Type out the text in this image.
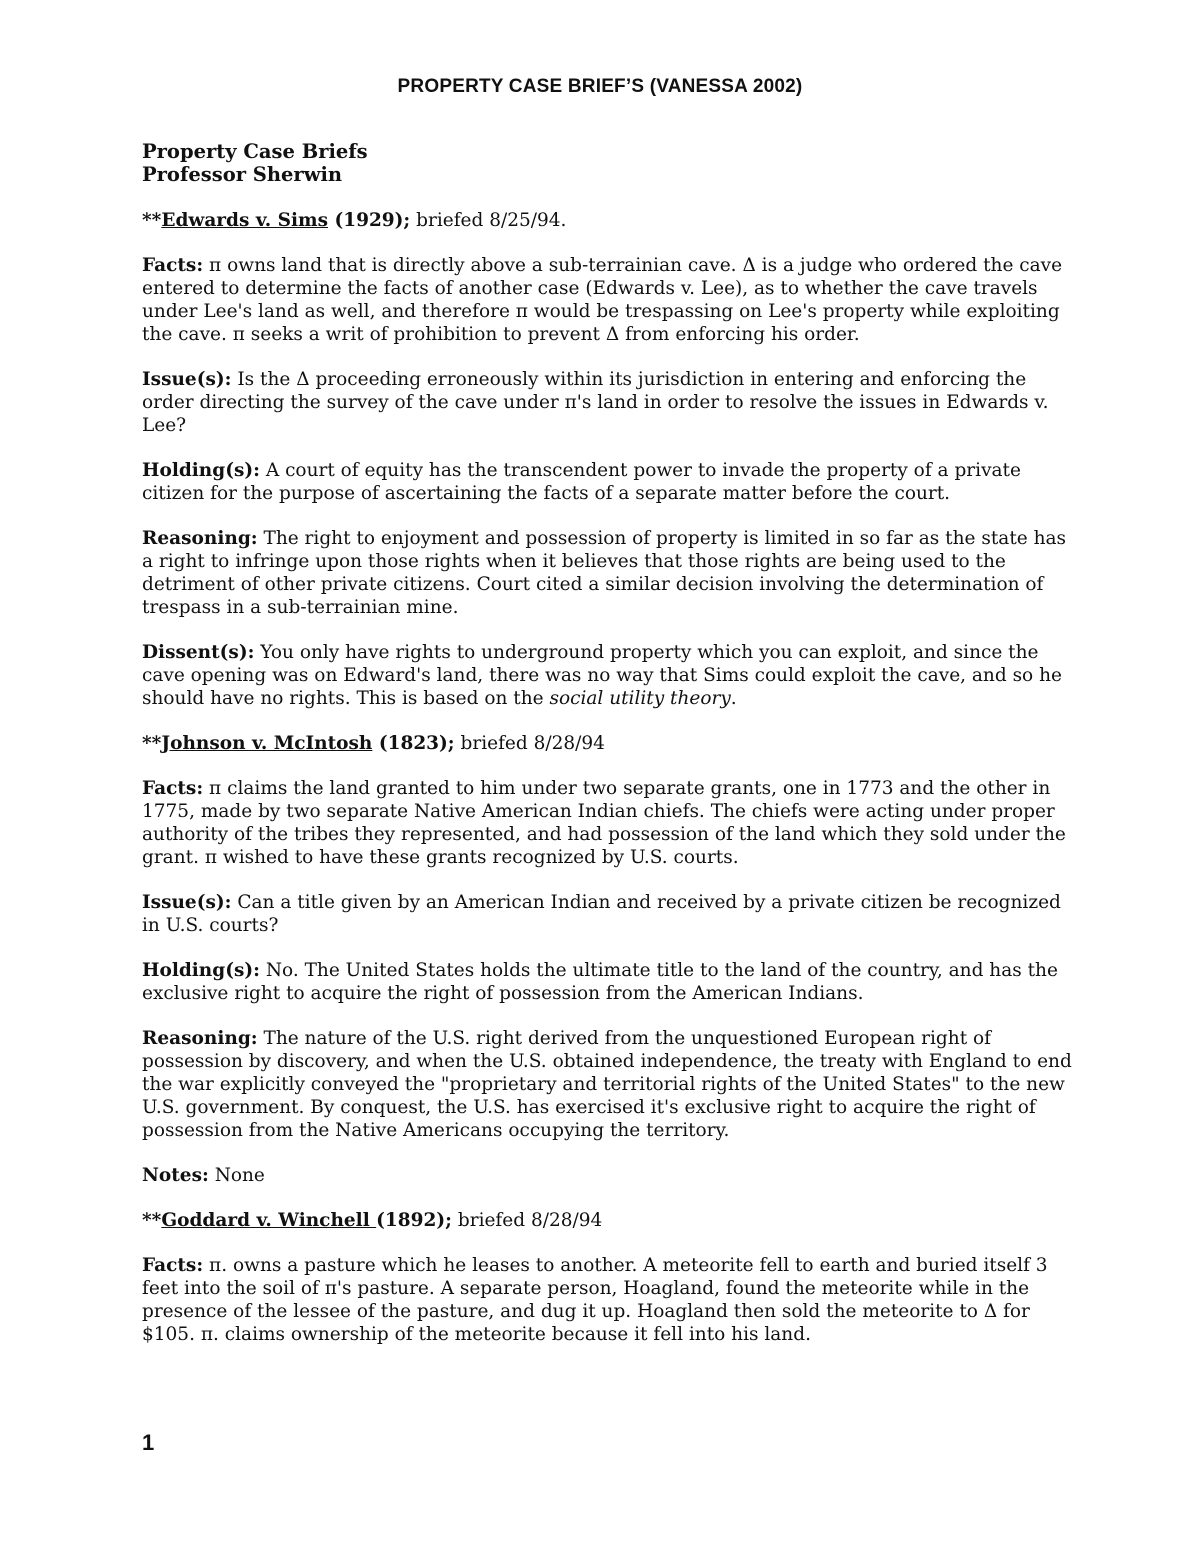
PROPERTY CASE BRIEF’S (VANESSA 2002)
Property Case Briefs
Professor Sherwin
**Edwards v. Sims (1929); briefed 8/25/94.

Facts: π owns land that is directly above a sub-terrainian cave. Δ is a judge who ordered the cave entered to determine the facts of another case (Edwards v. Lee), as to whether the cave travels under Lee's land as well, and therefore π would be trespassing on Lee's property while exploiting the cave. π seeks a writ of prohibition to prevent Δ from enforcing his order.

Issue(s): Is the Δ proceeding erroneously within its jurisdiction in entering and enforcing the order directing the survey of the cave under π's land in order to resolve the issues in Edwards v. Lee?

Holding(s): A court of equity has the transcendent power to invade the property of a private citizen for the purpose of ascertaining the facts of a separate matter before the court.

Reasoning: The right to enjoyment and possession of property is limited in so far as the state has a right to infringe upon those rights when it believes that those rights are being used to the detriment of other private citizens. Court cited a similar decision involving the determination of trespass in a sub-terrainian mine.

Dissent(s): You only have rights to underground property which you can exploit, and since the cave opening was on Edward's land, there was no way that Sims could exploit the cave, and so he should have no rights. This is based on the social utility theory.

**Johnson v. McIntosh (1823); briefed 8/28/94

Facts: π claims the land granted to him under two separate grants, one in 1773 and the other in 1775, made by two separate Native American Indian chiefs. The chiefs were acting under proper authority of the tribes they represented, and had possession of the land which they sold under the grant. π wished to have these grants recognized by U.S. courts.

Issue(s): Can a title given by an American Indian and received by a private citizen be recognized in U.S. courts?

Holding(s): No. The United States holds the ultimate title to the land of the country, and has the exclusive right to acquire the right of possession from the American Indians.

Reasoning: The nature of the U.S. right derived from the unquestioned European right of possession by discovery, and when the U.S. obtained independence, the treaty with England to end the war explicitly conveyed the "proprietary and territorial rights of the United States" to the new U.S. government. By conquest, the U.S. has exercised it's exclusive right to acquire the right of possession from the Native Americans occupying the territory.

Notes: None

**Goddard v. Winchell (1892); briefed 8/28/94

Facts: π. owns a pasture which he leases to another. A meteorite fell to earth and buried itself 3 feet into the soil of π's pasture. A separate person, Hoagland, found the meteorite while in the presence of the lessee of the pasture, and dug it up. Hoagland then sold the meteorite to Δ for $105. π. claims ownership of the meteorite because it fell into his land.

1
